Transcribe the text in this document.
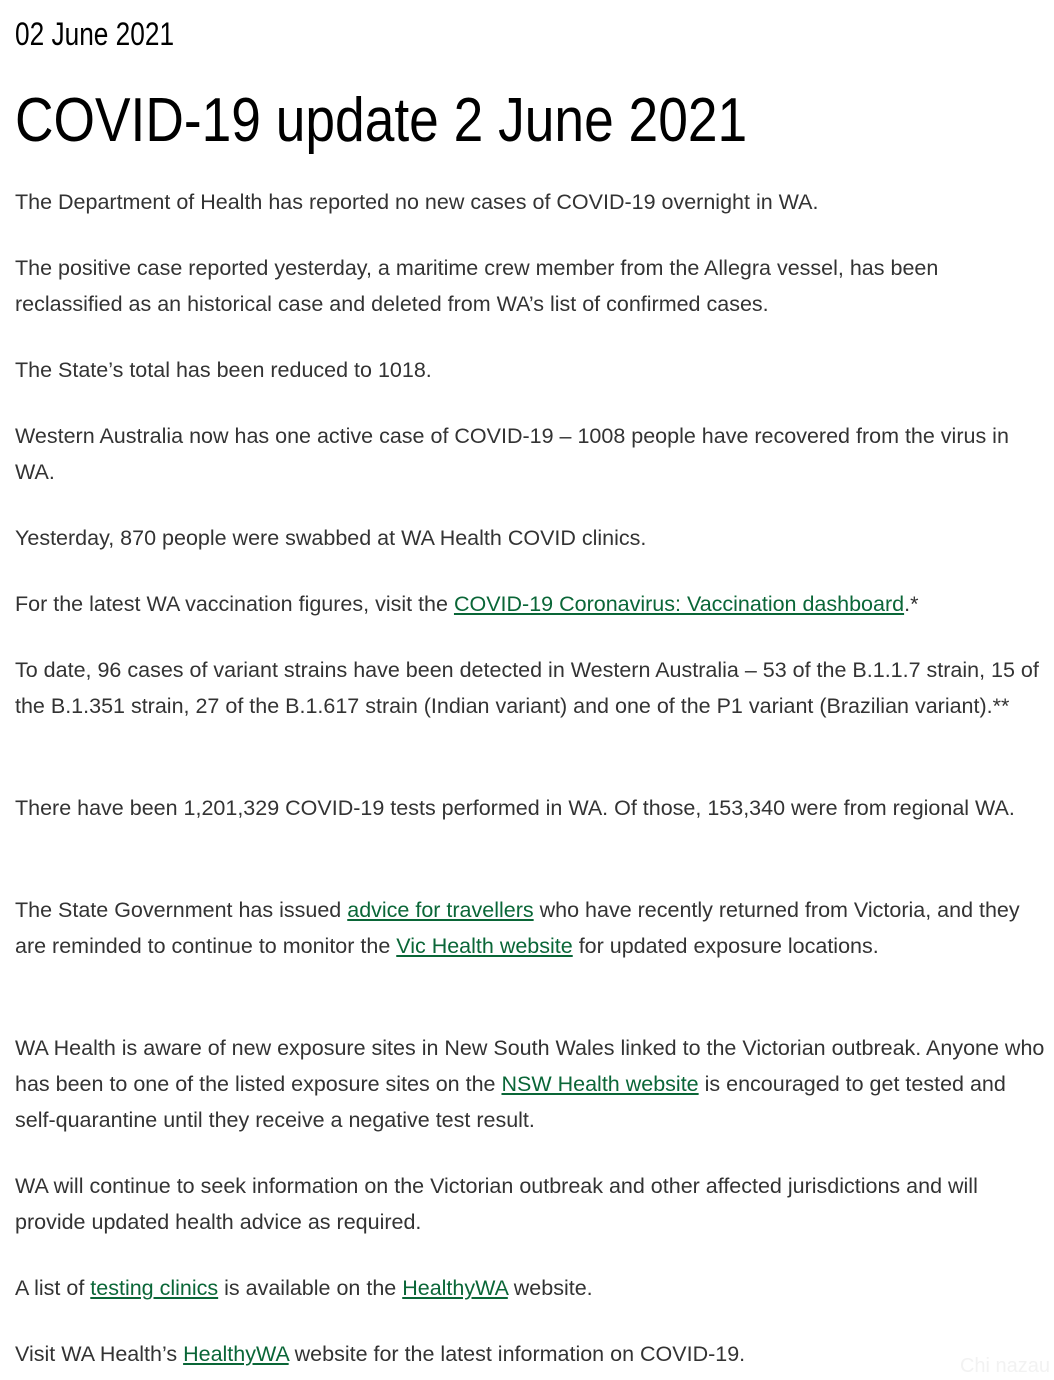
02 June 2021
COVID-19 update 2 June 2021

The Department of Health has reported no new cases of COVID-19 overnight in WA.

The positive case reported yesterday, a maritime crew member from the Allegra vessel, has been reclassified as an historical case and deleted from WA’s list of confirmed cases.

The State’s total has been reduced to 1018.

Western Australia now has one active case of COVID-19 – 1008 people have recovered from the virus in WA.

Yesterday, 870 people were swabbed at WA Health COVID clinics.

For the latest WA vaccination figures, visit the COVID-19 Coronavirus: Vaccination dashboard.*

To date, 96 cases of variant strains have been detected in Western Australia – 53 of the B.1.1.7 strain, 15 of the B.1.351 strain, 27 of the B.1.617 strain (Indian variant) and one of the P1 variant (Brazilian variant).**

There have been 1,201,329 COVID-19 tests performed in WA. Of those, 153,340 were from regional WA.

The State Government has issued advice for travellers who have recently returned from Victoria, and they are reminded to continue to monitor the Vic Health website for updated exposure locations.

WA Health is aware of new exposure sites in New South Wales linked to the Victorian outbreak. Anyone who has been to one of the listed exposure sites on the NSW Health website is encouraged to get tested and self-quarantine until they receive a negative test result.

WA will continue to seek information on the Victorian outbreak and other affected jurisdictions and will provide updated health advice as required.

A list of testing clinics is available on the HealthyWA website.

Visit WA Health’s HealthyWA website for the latest information on COVID-19.	Chi nazau
